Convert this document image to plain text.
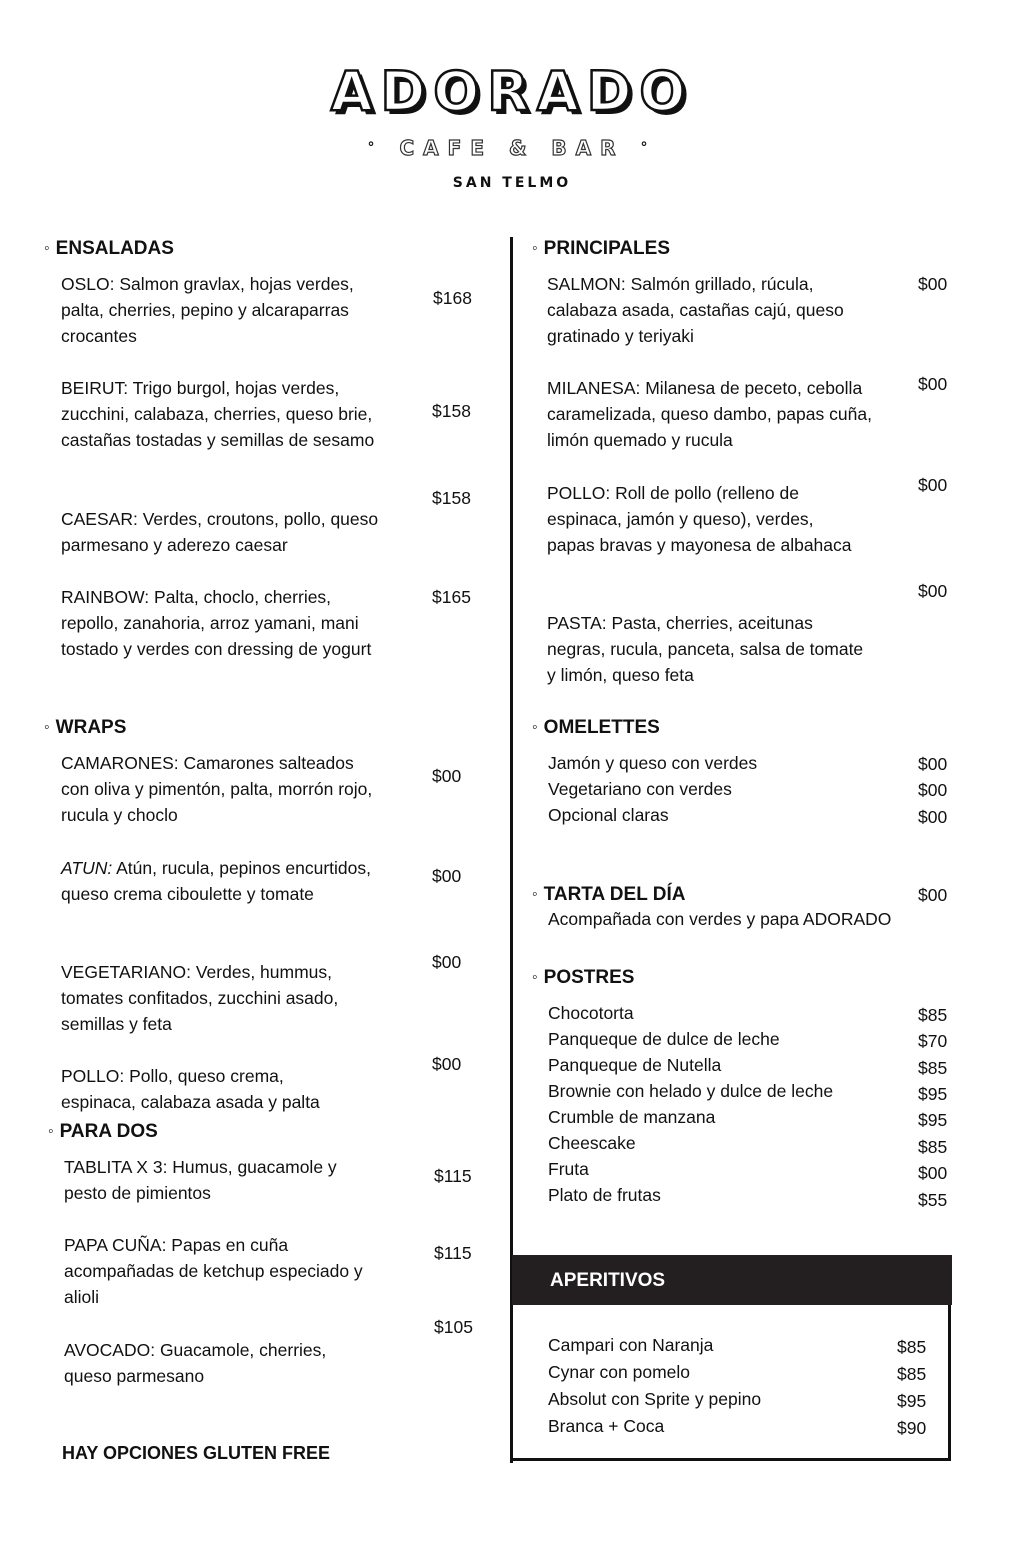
ADORADO
° CAFE & BAR °
SAN TELMO
◦ ENSALADAS
OSLO: Salmon gravlax, hojas verdes, palta, cherries, pepino y alcaraparras crocantes
$168
BEIRUT: Trigo burgol, hojas verdes, zucchini, calabaza, cherries, queso brie, castañas tostadas y semillas de sesamo
$158
CAESAR: Verdes, croutons, pollo, queso parmesano y aderezo caesar
$158
RAINBOW: Palta, choclo, cherries, repollo, zanahoria, arroz yamani, mani tostado y verdes con dressing de yogurt
$165
◦ WRAPS
CAMARONES: Camarones salteados con oliva y pimentón, palta, morrón rojo, rucula y choclo
$00
ATUN: Atún, rucula, pepinos encurtidos, queso crema ciboulette y tomate
$00
VEGETARIANO: Verdes, hummus, tomates confitados, zucchini asado, semillas y feta
$00
POLLO: Pollo, queso crema, espinaca, calabaza asada y palta
$00
◦ PARA DOS
TABLITA X 3: Humus, guacamole y pesto de pimientos
$115
PAPA CUÑA: Papas en cuña acompañadas de ketchup especiado y alioli
$115
AVOCADO: Guacamole, cherries, queso parmesano
$105
HAY OPCIONES GLUTEN FREE
◦ PRINCIPALES
SALMON: Salmón grillado, rúcula, calabaza asada, castañas cajú, queso gratinado y teriyaki
$00
MILANESA: Milanesa de peceto, cebolla caramelizada, queso dambo, papas cuña, limón quemado y rucula
$00
POLLO: Roll de pollo (relleno de espinaca, jamón y queso), verdes, papas bravas y mayonesa de albahaca
$00
PASTA: Pasta, cherries, aceitunas negras, rucula, panceta, salsa de tomate y limón, queso feta
$00
◦ OMELETTES
Jamón y queso con verdes	$00
Vegetariano con verdes	$00
Opcional claras	$00
◦ TARTA DEL DÍA	$00
Acompañada con verdes y papa ADORADO
◦ POSTRES
Chocotorta	$85
Panqueque de dulce de leche	$70
Panqueque de Nutella	$85
Brownie con helado y dulce de leche	$95
Crumble de manzana	$95
Cheescake	$85
Fruta	$00
Plato de frutas	$55
APERITIVOS
Campari con Naranja	$85
Cynar con pomelo	$85
Absolut con Sprite y pepino	$95
Branca + Coca	$90
